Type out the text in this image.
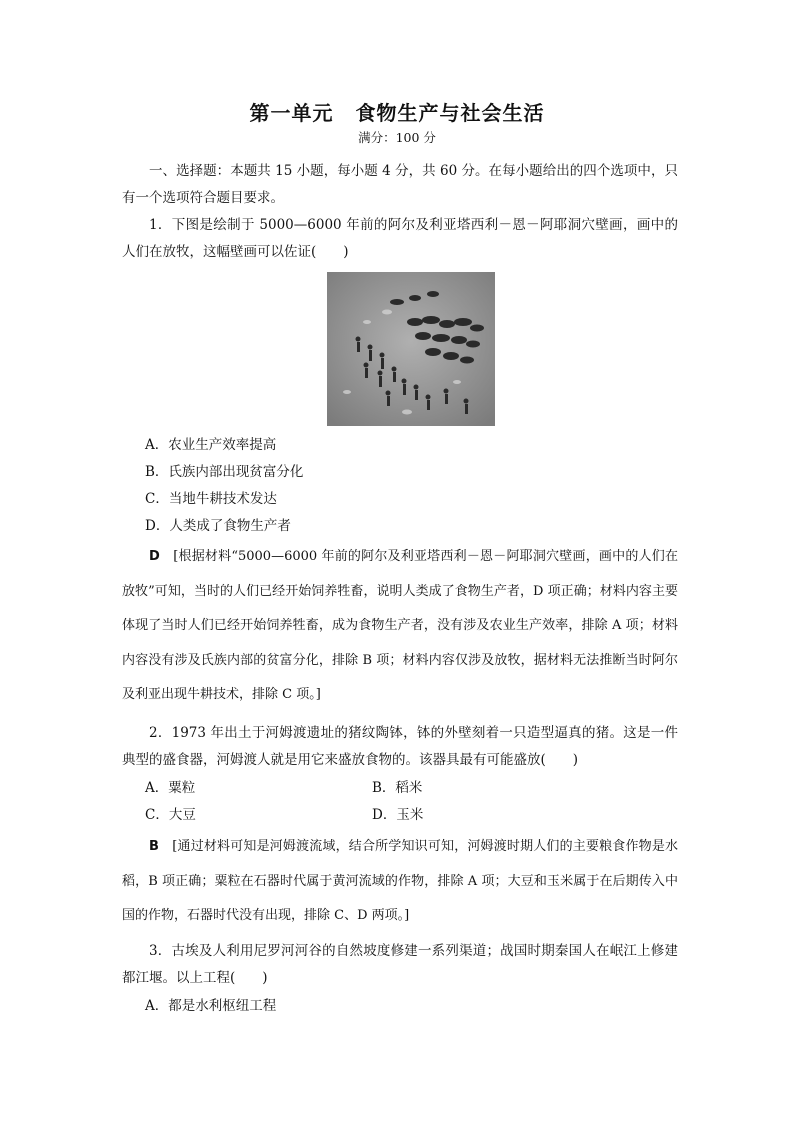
第一单元 食物生产与社会生活
满分：100 分

一、选择题：本题共 15 小题，每小题 4 分，共 60 分。在每小题给出的四个选项中，只有一个选项符合题目要求。

1．下图是绘制于 5000—6000 年前的阿尔及利亚塔西利－恩－阿耶洞穴壁画，画中的人们在放牧，这幅壁画可以佐证(　　)

A．农业生产效率提高
B．氏族内部出现贫富分化
C．当地牛耕技术发达
D．人类成了食物生产者

D　 [根据材料“5000—6000 年前的阿尔及利亚塔西利－恩－阿耶洞穴壁画，画中的人们在放牧”可知，当时的人们已经开始饲养牲畜，说明人类成了食物生产者，D 项正确；材料内容主要体现了当时人们已经开始饲养牲畜，成为食物生产者，没有涉及农业生产效率，排除 A 项；材料内容没有涉及氏族内部的贫富分化，排除 B 项；材料内容仅涉及放牧，据材料无法推断当时阿尔及利亚出现牛耕技术，排除 C 项。]

2．1973 年出土于河姆渡遗址的猪纹陶钵，钵的外壁刻着一只造型逼真的猪。这是一件典型的盛食器，河姆渡人就是用它来盛放食物的。该器具最有可能盛放(　　)

A．粟粒	B．稻米
C．大豆	D．玉米

B　 [通过材料可知是河姆渡流域，结合所学知识可知，河姆渡时期人们的主要粮食作物是水稻，B 项正确；粟粒在石器时代属于黄河流域的作物，排除 A 项；大豆和玉米属于在后期传入中国的作物，石器时代没有出现，排除 C、D 两项。]

3．古埃及人利用尼罗河河谷的自然坡度修建一系列渠道；战国时期秦国人在岷江上修建都江堰。以上工程(　　)

A．都是水利枢纽工程
